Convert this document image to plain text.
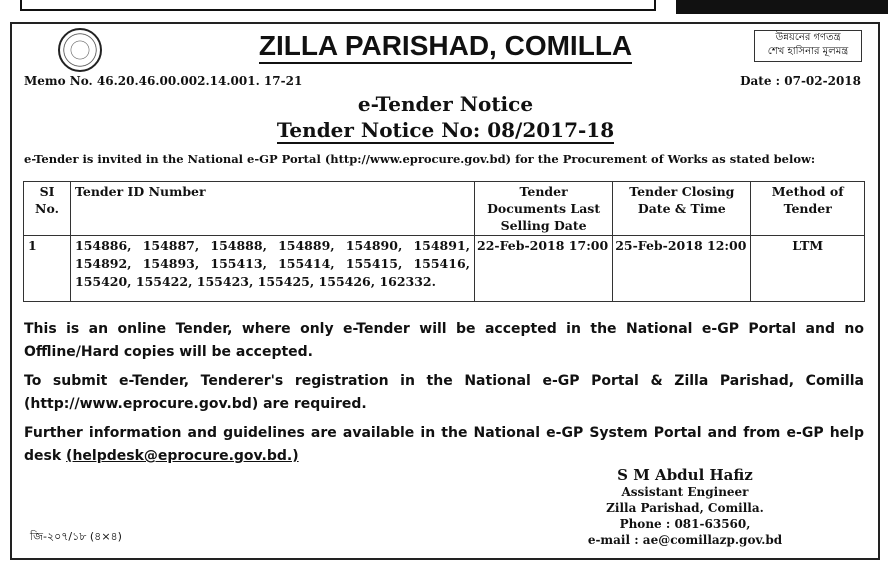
ZILLA PARISHAD, COMILLA	উন্নয়নের গণতন্ত্র
শেখ হাসিনার মূলমন্ত্র
Memo No. 46.20.46.00.002.14.001. 17-21	Date : 07-02-2018
e-Tender Notice
Tender Notice No: 08/2017-18
e-Tender is invited in the National e-GP Portal (http://www.eprocure.gov.bd) for the Procurement of Works as stated below:
SI No.	Tender ID Number	Tender Documents Last Selling Date	Tender Closing Date & Time	Method of Tender
1	154886, 154887, 154888, 154889, 154890, 154891, 154892, 154893, 155413, 155414, 155415, 155416, 155420, 155422, 155423, 155425, 155426, 162332.	22-Feb-2018 17:00	25-Feb-2018 12:00	LTM
This is an online Tender, where only e-Tender will be accepted in the National e-GP Portal and no Offline/Hard copies will be accepted.
To submit e-Tender, Tenderer's registration in the National e-GP Portal & Zilla Parishad, Comilla (http://www.eprocure.gov.bd) are required.
Further information and guidelines are available in the National e-GP System Portal and from e-GP help desk (helpdesk@eprocure.gov.bd.)
S M Abdul Hafiz
Assistant Engineer
Zilla Parishad, Comilla.
Phone : 081-63560,
e-mail : ae@comillazp.gov.bd
জি-২০৭/১৮ (৪×৪)
